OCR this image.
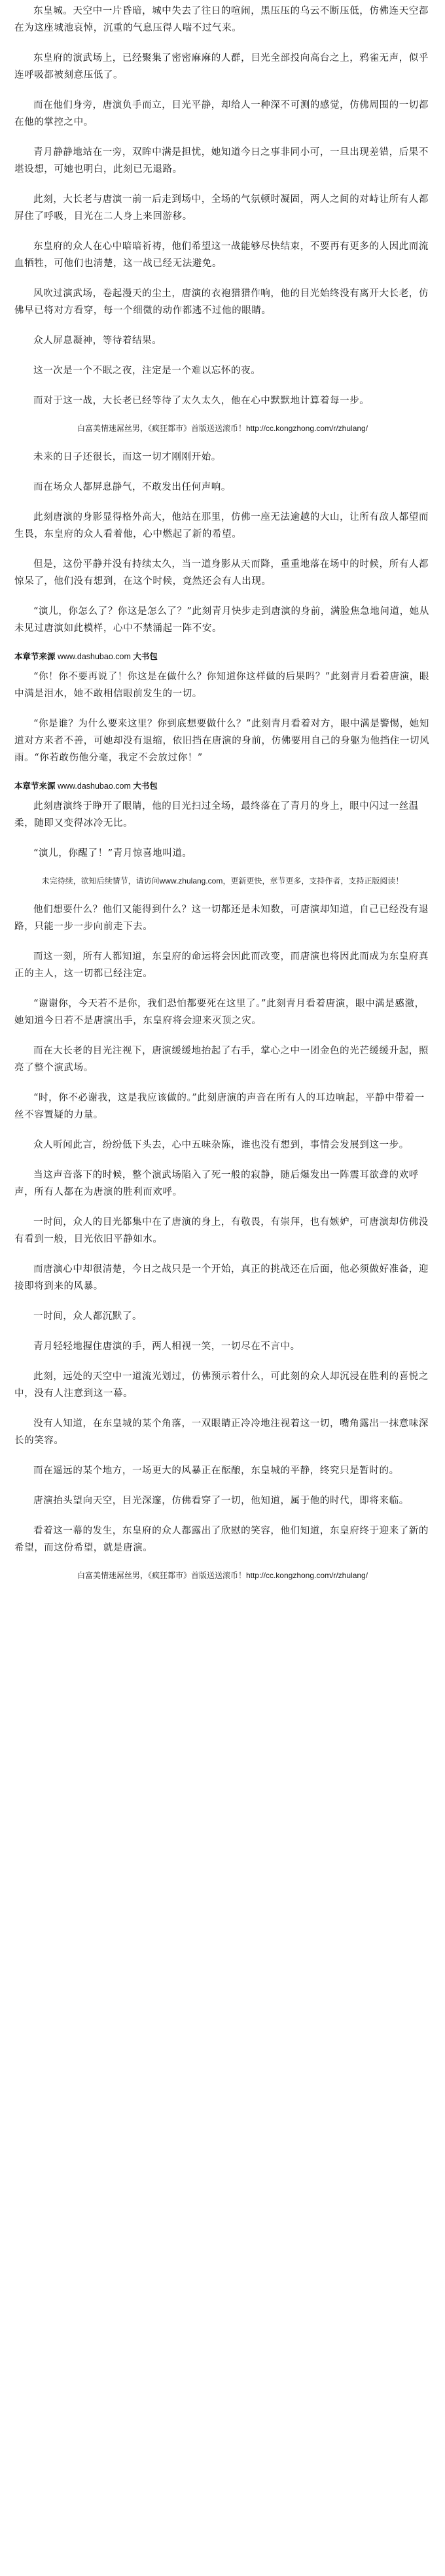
东皇城。天空中一片昏暗，城中失去了往日的喧闹，黑压压的乌云不断压低，仿佛连天空都在为这座城池哀悼，沉重的气息压得人喘不过气来。

东皇府的演武场上，已经聚集了密密麻麻的人群，目光全部投向高台之上，鸦雀无声，似乎连呼吸都被刻意压低了。

而在他们身旁，唐演负手而立，目光平静，却给人一种深不可测的感觉，仿佛周围的一切都在他的掌控之中。

青月静静地站在一旁，双眸中满是担忧，她知道今日之事非同小可，一旦出现差错，后果不堪设想，可她也明白，此刻已无退路。

此刻，大长老与唐演一前一后走到场中，全场的气氛顿时凝固，两人之间的对峙让所有人都屏住了呼吸，目光在二人身上来回游移。

东皇府的众人在心中暗暗祈祷，他们希望这一战能够尽快结束，不要再有更多的人因此而流血牺牲，可他们也清楚，这一战已经无法避免。

风吹过演武场，卷起漫天的尘土，唐演的衣袍猎猎作响，他的目光始终没有离开大长老，仿佛早已将对方看穿，每一个细微的动作都逃不过他的眼睛。

众人屏息凝神，等待着结果。

这一次是一个不眠之夜，注定是一个难以忘怀的夜。

而对于这一战，大长老已经等待了太久太久，他在心中默默地计算着每一步。

白富美情迷屌丝男，《疯狂都市》首版送送滚币！http://cc.kongzhong.com/r/zhulang/

未来的日子还很长，而这一切才刚刚开始。

而在场众人都屏息静气，不敢发出任何声响。

此刻唐演的身影显得格外高大，他站在那里，仿佛一座无法逾越的大山，让所有敌人都望而生畏，东皇府的众人看着他，心中燃起了新的希望。

但是，这份平静并没有持续太久，当一道身影从天而降，重重地落在场中的时候，所有人都惊呆了，他们没有想到，在这个时候，竟然还会有人出现。

“演儿，你怎么了？你这是怎么了？”此刻青月快步走到唐演的身前，满脸焦急地问道，她从未见过唐演如此模样，心中不禁涌起一阵不安。

本章节来源 www.dashubao.com 大书包

“你！你不要再说了！你这是在做什么？你知道你这样做的后果吗？”此刻青月看着唐演，眼中满是泪水，她不敢相信眼前发生的一切。

“你是谁？为什么要来这里？你到底想要做什么？”此刻青月看着对方，眼中满是警惕，她知道对方来者不善，可她却没有退缩，依旧挡在唐演的身前，仿佛要用自己的身躯为他挡住一切风雨。“你若敢伤他分毫，我定不会放过你！”

本章节来源 www.dashubao.com 大书包

此刻唐演终于睁开了眼睛，他的目光扫过全场，最终落在了青月的身上，眼中闪过一丝温柔，随即又变得冰冷无比。

“演儿，你醒了！”青月惊喜地叫道。

未完待续，欲知后续情节，请访问www.zhulang.com，更新更快，章节更多，支持作者，支持正版阅读！

他们想要什么？他们又能得到什么？这一切都还是未知数，可唐演却知道，自己已经没有退路，只能一步一步向前走下去。

而这一刻，所有人都知道，东皇府的命运将会因此而改变，而唐演也将因此而成为东皇府真正的主人，这一切都已经注定。

“谢谢你，今天若不是你，我们恐怕都要死在这里了。”此刻青月看着唐演，眼中满是感激，她知道今日若不是唐演出手，东皇府将会迎来灭顶之灾。

而在大长老的目光注视下，唐演缓缓地抬起了右手，掌心之中一团金色的光芒缓缓升起，照亮了整个演武场。

“时，你不必谢我，这是我应该做的。”此刻唐演的声音在所有人的耳边响起，平静中带着一丝不容置疑的力量。

众人听闻此言，纷纷低下头去，心中五味杂陈，谁也没有想到，事情会发展到这一步。

当这声音落下的时候，整个演武场陷入了死一般的寂静，随后爆发出一阵震耳欲聋的欢呼声，所有人都在为唐演的胜利而欢呼。

一时间，众人的目光都集中在了唐演的身上，有敬畏，有崇拜，也有嫉妒，可唐演却仿佛没有看到一般，目光依旧平静如水。

而唐演心中却很清楚，今日之战只是一个开始，真正的挑战还在后面，他必须做好准备，迎接即将到来的风暴。

一时间，众人都沉默了。

青月轻轻地握住唐演的手，两人相视一笑，一切尽在不言中。

此刻，远处的天空中一道流光划过，仿佛预示着什么，可此刻的众人却沉浸在胜利的喜悦之中，没有人注意到这一幕。

没有人知道，在东皇城的某个角落，一双眼睛正冷冷地注视着这一切，嘴角露出一抹意味深长的笑容。

而在遥远的某个地方，一场更大的风暴正在酝酿，东皇城的平静，终究只是暂时的。

唐演抬头望向天空，目光深邃，仿佛看穿了一切，他知道，属于他的时代，即将来临。

看着这一幕的发生，东皇府的众人都露出了欣慰的笑容，他们知道，东皇府终于迎来了新的希望，而这份希望，就是唐演。

白富美情迷屌丝男，《疯狂都市》首版送送滚币！http://cc.kongzhong.com/r/zhulang/
